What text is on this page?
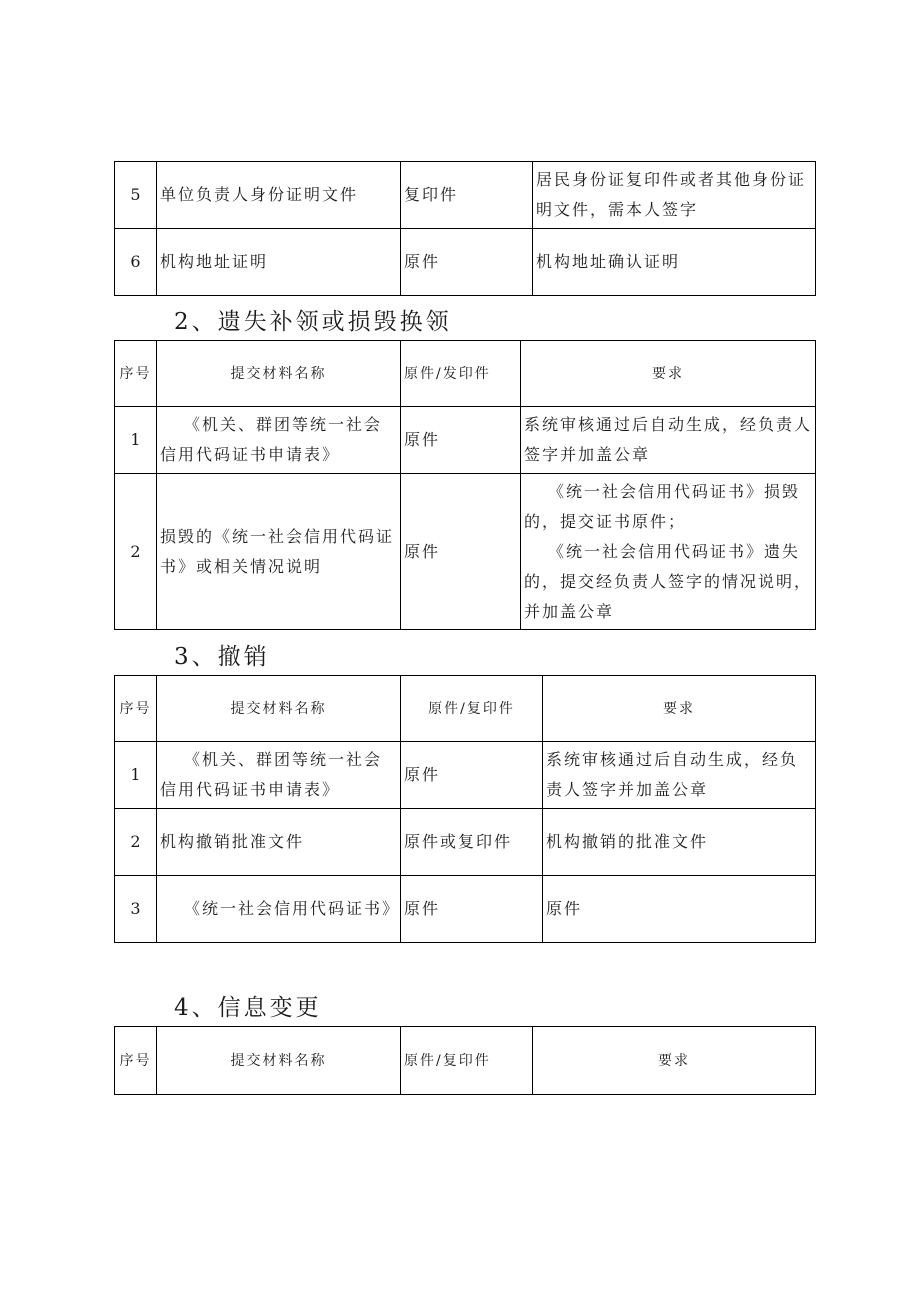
5	单位负责人身份证明文件	复印件	居民身份证复印件或者其他身份证明文件，需本人签字
6	机构地址证明	原件	机构地址确认证明
2、遗失补领或损毁换领
序号	提交材料名称	原件/发印件	要求
1	《机关、群团等统一社会信用代码证书申请表》	原件	系统审核通过后自动生成，经负责人签字并加盖公章
2	损毁的《统一社会信用代码证书》或相关情况说明	原件	《统一社会信用代码证书》损毁的，提交证书原件；
《统一社会信用代码证书》遗失的，提交经负责人签字的情况说明，并加盖公章
3、撤销
序号	提交材料名称	原件/复印件	要求
1	《机关、群团等统一社会信用代码证书申请表》	原件	系统审核通过后自动生成，经负责人签字并加盖公章
2	机构撤销批准文件	原件或复印件	机构撤销的批准文件
3	《统一社会信用代码证书》	原件	原件
4、信息变更
序号	提交材料名称	原件/复印件	要求
